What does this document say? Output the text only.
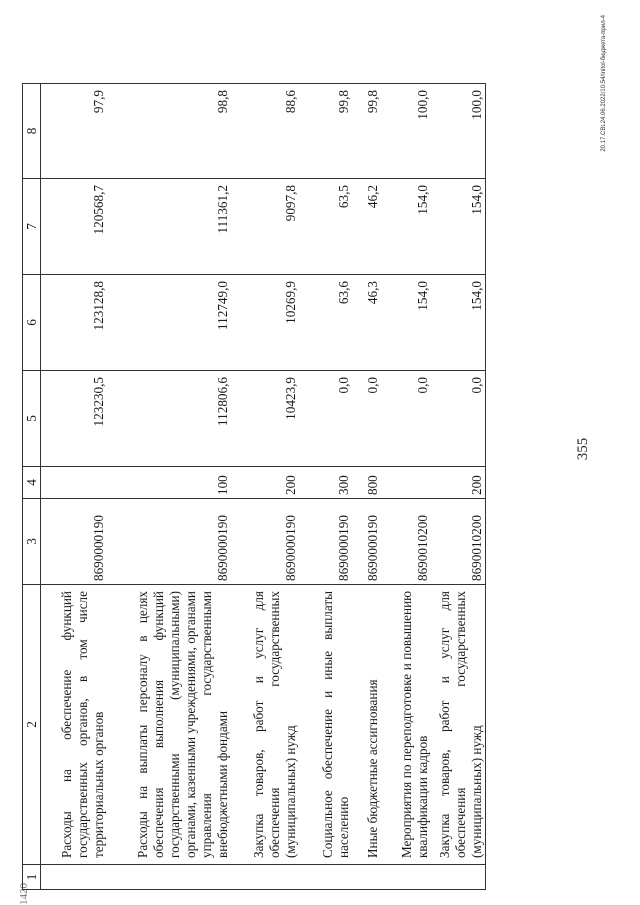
1420
1	2	3	4	5	6	7	8
	Расходы на обеспечение функций государственных органов, в том числе территориальных органов	8690000190		123230,5	123128,8	120568,7	97,9
	Расходы на выплаты персоналу в целях обеспечения выполнения функций государственными (муниципальными) органами, казенными учреждениями, органами управления государственными внебюджетными фондами	8690000190	100	112806,6	112749,0	111361,2	98,8
	Закупка товаров, работ и услуг для обеспечения государственных (муниципальных) нужд	8690000190	200	10423,9	10269,9	9097,8	88,6
	Социальное обеспечение и иные выплаты населению	8690000190	300	0,0	63,6	63,5	99,8
	Иные бюджетные ассигнования	8690000190	800	0,0	46,3	46,2	99,8
	Мероприятия по переподготовке и повышению квалификации кадров	8690010200		0,0	154,0	154,0	100,0
	Закупка товаров, работ и услуг для обеспечения государственных (муниципальных) нужд	8690010200	200	0,0	154,0	154,0	100,0
355
20.17.CBL24.06.2022/10:54/Initol-бюджета-прил-4
